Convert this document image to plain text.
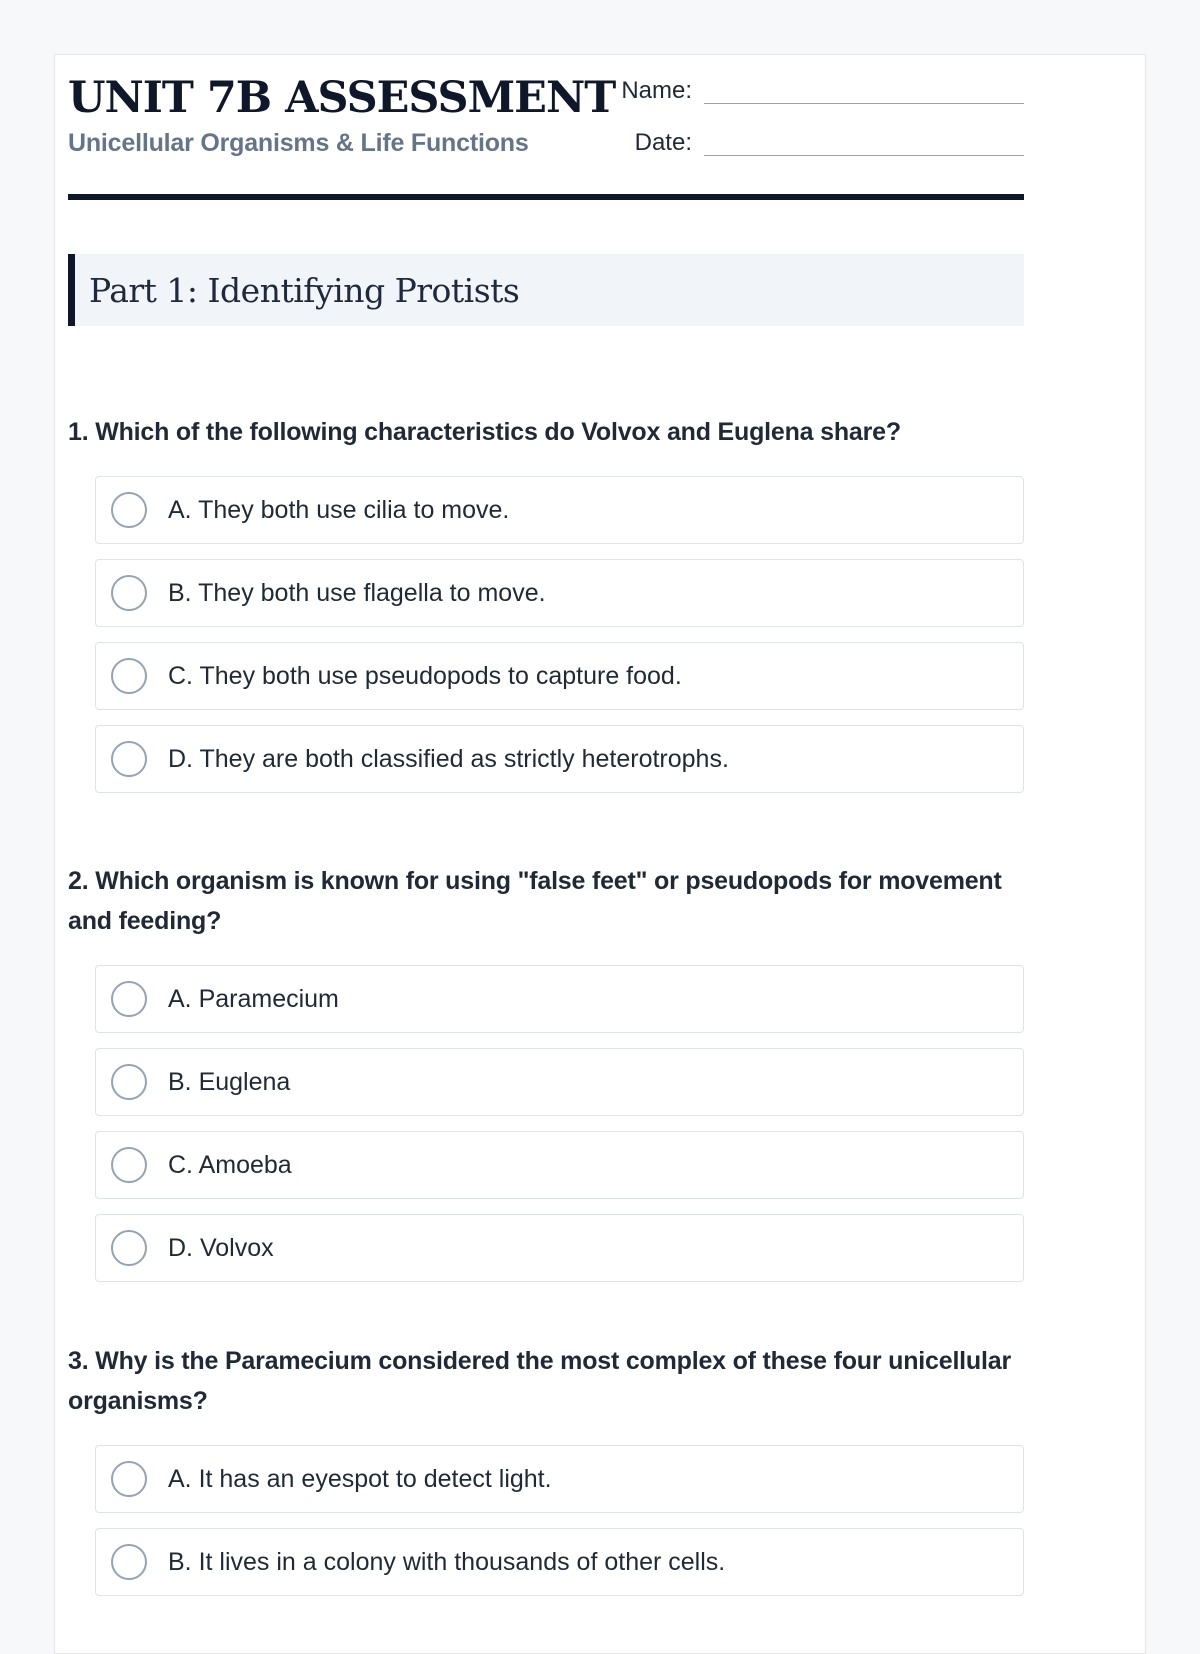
UNIT 7B ASSESSMENT
Unicellular Organisms & Life Functions
Name:
Date:
Part 1: Identifying Protists

1. Which of the following characteristics do Volvox and Euglena share?

A. They both use cilia to move.
B. They both use flagella to move.
C. They both use pseudopods to capture food.
D. They are both classified as strictly heterotrophs.

2. Which organism is known for using "false feet" or pseudopods for movement and feeding?

A. Paramecium
B. Euglena
C. Amoeba
D. Volvox

3. Why is the Paramecium considered the most complex of these four unicellular organisms?

A. It has an eyespot to detect light.
B. It lives in a colony with thousands of other cells.
